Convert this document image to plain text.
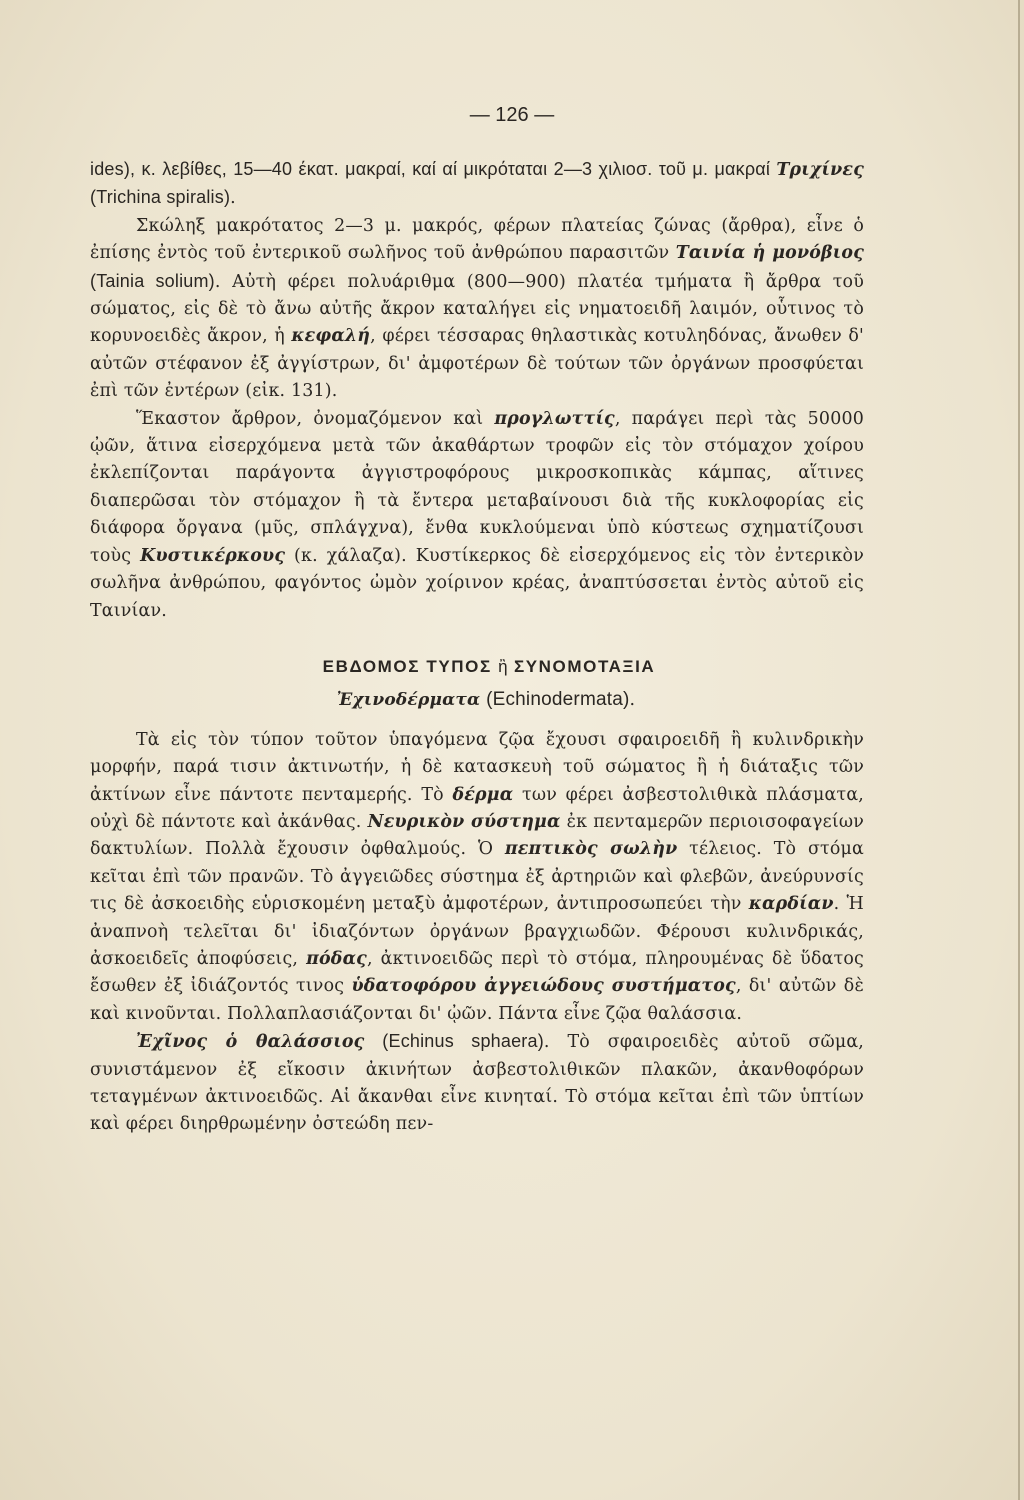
— 126 —

ides), κ. λεβίθες, 15—40 έκατ. μακραί, καί αί μικρόταται 2—3 χιλιοσ. τοῦ μ. μακραί Τριχίνες (Trichina spiralis).

Σκώληξ μακρότατος 2—3 μ. μακρός, φέρων πλατείας ζώνας (ἄρθρα), εἶνε ὁ ἐπίσης ἐντὸς τοῦ ἐντερικοῦ σωλῆνος τοῦ ἀνθρώπου παρασιτῶν Ταινία ἡ μονόβιος (Tainia solium). Αὐτὴ φέρει πολυάριθμα (800—900) πλατέα τμήματα ἢ ἄρθρα τοῦ σώματος, εἰς δὲ τὸ ἄνω αὐτῆς ἄκρον καταλήγει εἰς νηματοειδῆ λαιμόν, οὗτινος τὸ κορυνοειδὲς ἄκρον, ἡ κεφαλή, φέρει τέσσαρας θηλαστικὰς κοτυληδόνας, ἄνωθεν δ' αὐτῶν στέφανον ἐξ ἀγγίστρων, δι' ἀμφοτέρων δὲ τούτων τῶν ὀργάνων προσφύεται ἐπὶ τῶν ἐντέρων (εἰκ. 131).

Ἕκαστον ἄρθρον, ὀνομαζόμενον καὶ προγλωττίς, παράγει περὶ τὰς 50000 ᾠῶν, ἅτινα εἰσερχόμενα μετὰ τῶν ἀκαθάρτων τροφῶν εἰς τὸν στόμαχον χοίρου ἐκλεπίζονται παράγοντα ἀγγιστροφόρους μικροσκοπικὰς κάμπας, αἵτινες διαπερῶσαι τὸν στόμαχον ἢ τὰ ἔντερα μεταβαίνουσι διὰ τῆς κυκλοφορίας εἰς διάφορα ὄργανα (μῦς, σπλάγχνα), ἔνθα κυκλούμεναι ὑπὸ κύστεως σχηματίζουσι τοὺς Κυστικέρκους (κ. χάλαζα). Κυστίκερκος δὲ εἰσερχόμενος εἰς τὸν ἐντερικὸν σωλῆνα ἀνθρώπου, φαγόντος ὠμὸν χοίρινον κρέας, ἀναπτύσσεται ἐντὸς αὐτοῦ εἰς Ταινίαν.

ΕΒΔΟΜΟΣ ΤΥΠΟΣ ἢ ΣΥΝΟΜΟΤΑΞΙΑ
Ἐχινοδέρματα (Echinodermata).

Τὰ εἰς τὸν τύπον τοῦτον ὑπαγόμενα ζῷα ἔχουσι σφαιροειδῆ ἢ κυλινδρικὴν μορφήν, παρά τισιν ἀκτινωτήν, ἡ δὲ κατασκευὴ τοῦ σώματος ἢ ἡ διάταξις τῶν ἀκτίνων εἶνε πάντοτε πενταμερής. Τὸ δέρμα των φέρει ἀσβεστολιθικὰ πλάσματα, οὐχὶ δὲ πάντοτε καὶ ἀκάνθας. Νευρικὸν σύστημα ἐκ πενταμερῶν περιοισοφαγείων δακτυλίων. Πολλὰ ἔχουσιν ὀφθαλμούς. Ὁ πεπτικὸς σωλὴν τέλειος. Τὸ στόμα κεῖται ἐπὶ τῶν πρανῶν. Τὸ ἀγγειῶδες σύστημα ἐξ ἀρτηριῶν καὶ φλεβῶν, ἀνεύρυνσίς τις δὲ ἀσκοειδὴς εὑρισκομένη μεταξὺ ἀμφοτέρων, ἀντιπροσωπεύει τὴν καρδίαν. Ἡ ἀναπνοὴ τελεῖται δι' ἰδιαζόντων ὀργάνων βραγχιωδῶν. Φέρουσι κυλινδρικάς, ἀσκοειδεῖς ἀποφύσεις, πόδας, ἀκτινοειδῶς περὶ τὸ στόμα, πληρουμένας δὲ ὕδατος ἔσωθεν ἐξ ἰδιάζοντός τινος ὑδατοφόρου ἀγγειώδους συστήματος, δι' αὐτῶν δὲ καὶ κινοῦνται. Πολλαπλασιάζονται δι' ᾠῶν. Πάντα εἶνε ζῷα θαλάσσια.

Ἐχῖνος ὁ θαλάσσιος (Echinus sphaera). Τὸ σφαιροειδὲς αὐτοῦ σῶμα, συνιστάμενον ἐξ εἴκοσιν ἀκινήτων ἀσβεστολιθικῶν πλακῶν, ἀκανθοφόρων τεταγμένων ἀκτινοειδῶς. Αἱ ἄκανθαι εἶνε κινηταί. Τὸ στόμα κεῖται ἐπὶ τῶν ὑπτίων καὶ φέρει διηρθρωμένην ὀστεώδη πεν-
